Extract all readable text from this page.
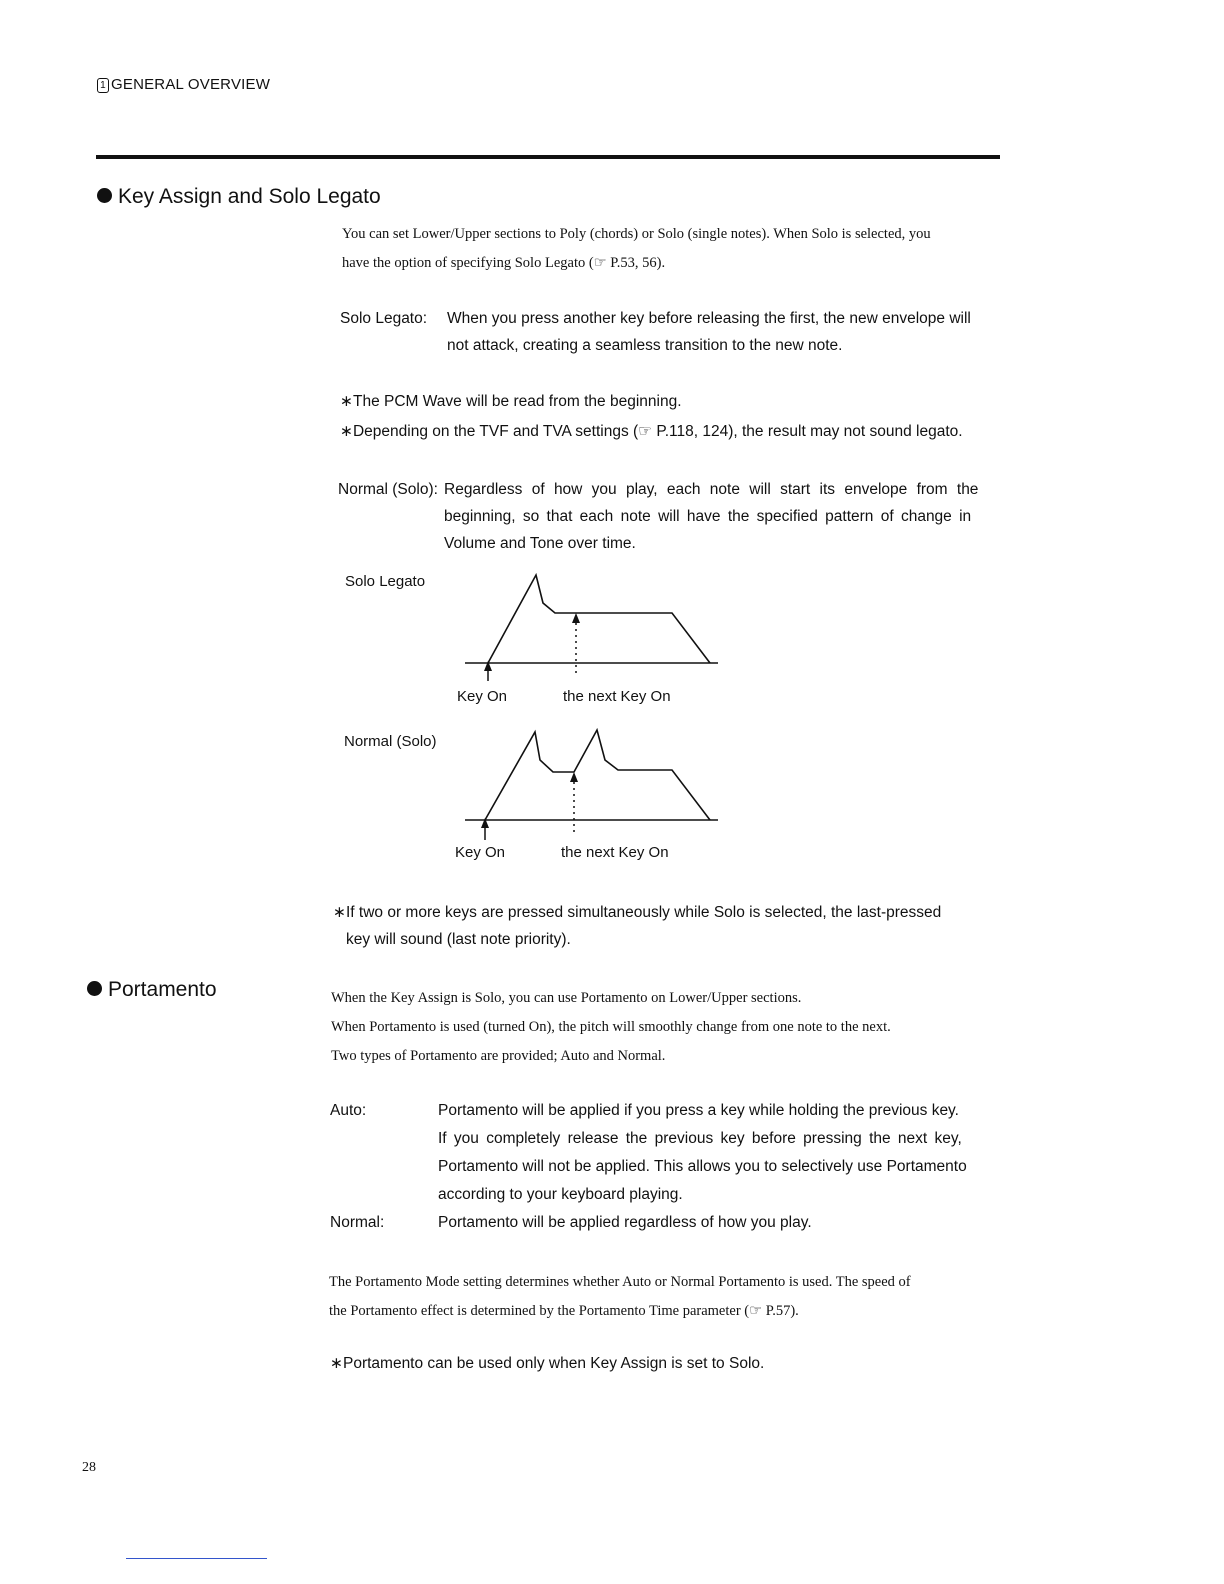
1 GENERAL OVERVIEW
Key Assign and Solo Legato
You can set Lower/Upper sections to Poly (chords) or Solo (single notes). When Solo is selected, you
have the option of specifying Solo Legato (☞ P.53, 56).
Solo Legato:	When you press another key before releasing the first, the new envelope will
not attack, creating a seamless transition to the new note.
∗The PCM Wave will be read from the beginning.
∗Depending on the TVF and TVA settings (☞ P.118, 124), the result may not sound legato.
Normal (Solo): Regardless of how you play, each note will start its envelope from the
beginning, so that each note will have the specified pattern of change in
Volume and Tone over time.
Solo Legato
Key On	the next Key On
Normal (Solo)
Key On	the next Key On
∗If two or more keys are pressed simultaneously while Solo is selected, the last-pressed
key will sound (last note priority).
Portamento	When the Key Assign is Solo, you can use Portamento on Lower/Upper sections.
When Portamento is used (turned On), the pitch will smoothly change from one note to the next.
Two types of Portamento are provided; Auto and Normal.
Auto:	Portamento will be applied if you press a key while holding the previous key.
If you completely release the previous key before pressing the next key,
Portamento will not be applied. This allows you to selectively use Portamento
according to your keyboard playing.
Normal:	Portamento will be applied regardless of how you play.
The Portamento Mode setting determines whether Auto or Normal Portamento is used. The speed of
the Portamento effect is determined by the Portamento Time parameter (☞ P.57).
∗Portamento can be used only when Key Assign is set to Solo.
28
